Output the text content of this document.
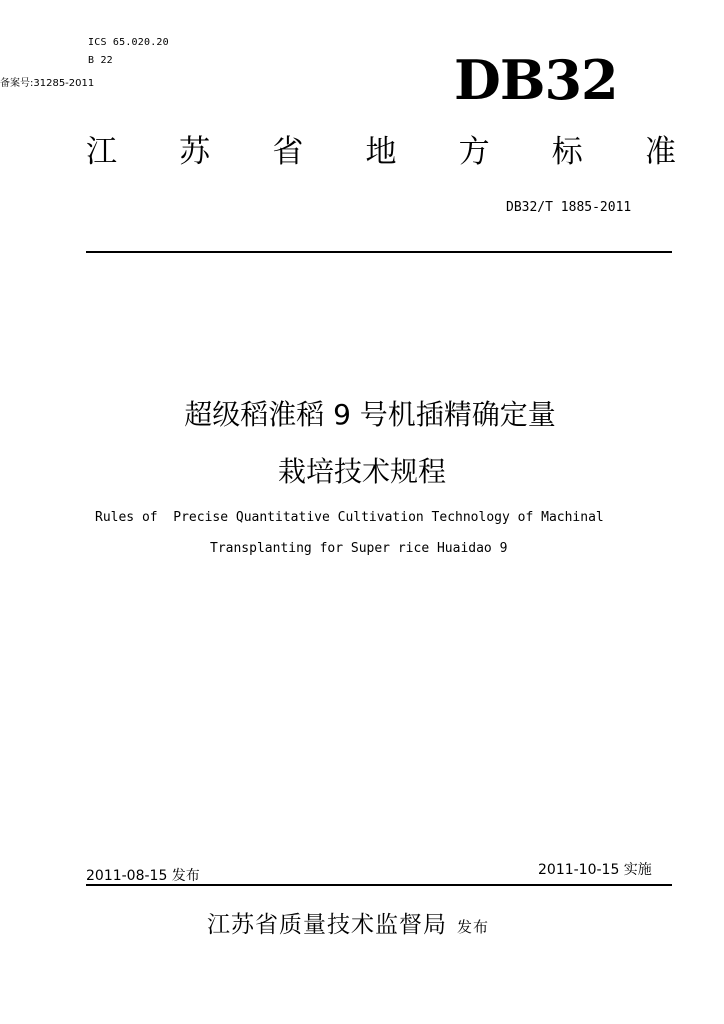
ICS 65.020.20
B 22
备案号:31285-2011	DB32
江 苏 省 地 方 标 准
DB32/T 1885-2011
超级稻淮稻 9 号机插精确定量
栽培技术规程
Rules of  Precise Quantitative Cultivation Technology of Machinal
Transplanting for Super rice Huaidao 9
2011-08-15 发布	2011-10-15 实施
江苏省质量技术监督局 发布
